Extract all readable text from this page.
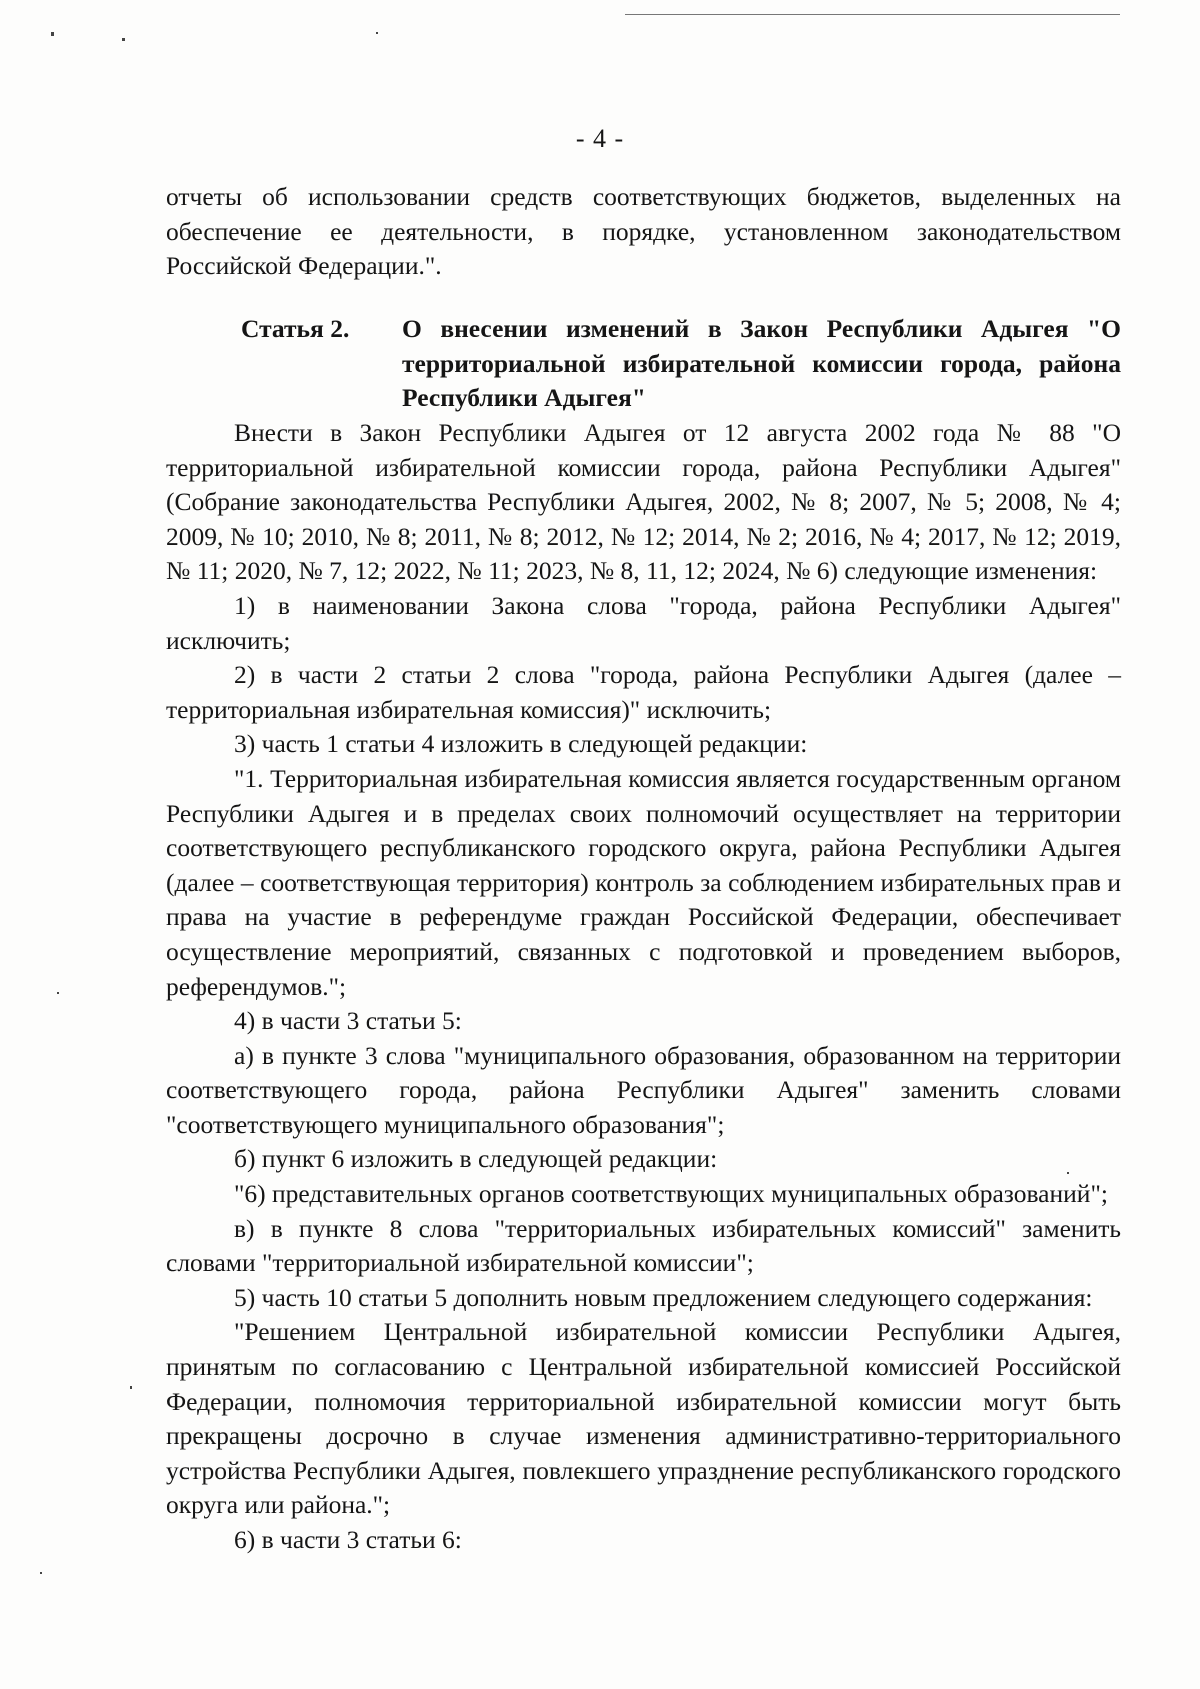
- 4 -

отчеты об использовании средств соответствующих бюджетов, выделенных на обеспечение ее деятельности, в порядке, установленном законодательством Российской Федерации.".

Статья 2. О внесении изменений в Закон Республики Адыгея "О территориальной избирательной комиссии города, района Республики Адыгея"

Внести в Закон Республики Адыгея от 12 августа 2002 года № 88 "О территориальной избирательной комиссии города, района Республики Адыгея" (Собрание законодательства Республики Адыгея, 2002, № 8; 2007, № 5; 2008, № 4; 2009, № 10; 2010, № 8; 2011, № 8; 2012, № 12; 2014, № 2; 2016, № 4; 2017, № 12; 2019, № 11; 2020, № 7, 12; 2022, № 11; 2023, № 8, 11, 12; 2024, № 6) следующие изменения:

1) в наименовании Закона слова "города, района Республики Адыгея" исключить;

2) в части 2 статьи 2 слова "города, района Республики Адыгея (далее – территориальная избирательная комиссия)" исключить;

3) часть 1 статьи 4 изложить в следующей редакции:

"1. Территориальная избирательная комиссия является государственным органом Республики Адыгея и в пределах своих полномочий осуществляет на территории соответствующего республиканского городского округа, района Республики Адыгея (далее – соответствующая территория) контроль за соблюдением избирательных прав и права на участие в референдуме граждан Российской Федерации, обеспечивает осуществление мероприятий, связанных с подготовкой и проведением выборов, референдумов.";

4) в части 3 статьи 5:

а) в пункте 3 слова "муниципального образования, образованном на территории соответствующего города, района Республики Адыгея" заменить словами "соответствующего муниципального образования";

б) пункт 6 изложить в следующей редакции:

"6) представительных органов соответствующих муниципальных образований";

в) в пункте 8 слова "территориальных избирательных комиссий" заменить словами "территориальной избирательной комиссии";

5) часть 10 статьи 5 дополнить новым предложением следующего содержания:

"Решением Центральной избирательной комиссии Республики Адыгея, принятым по согласованию с Центральной избирательной комиссией Российской Федерации, полномочия территориальной избирательной комиссии могут быть прекращены досрочно в случае изменения административно-территориального устройства Республики Адыгея, повлекшего упразднение республиканского городского округа или района.";

6) в части 3 статьи 6:
